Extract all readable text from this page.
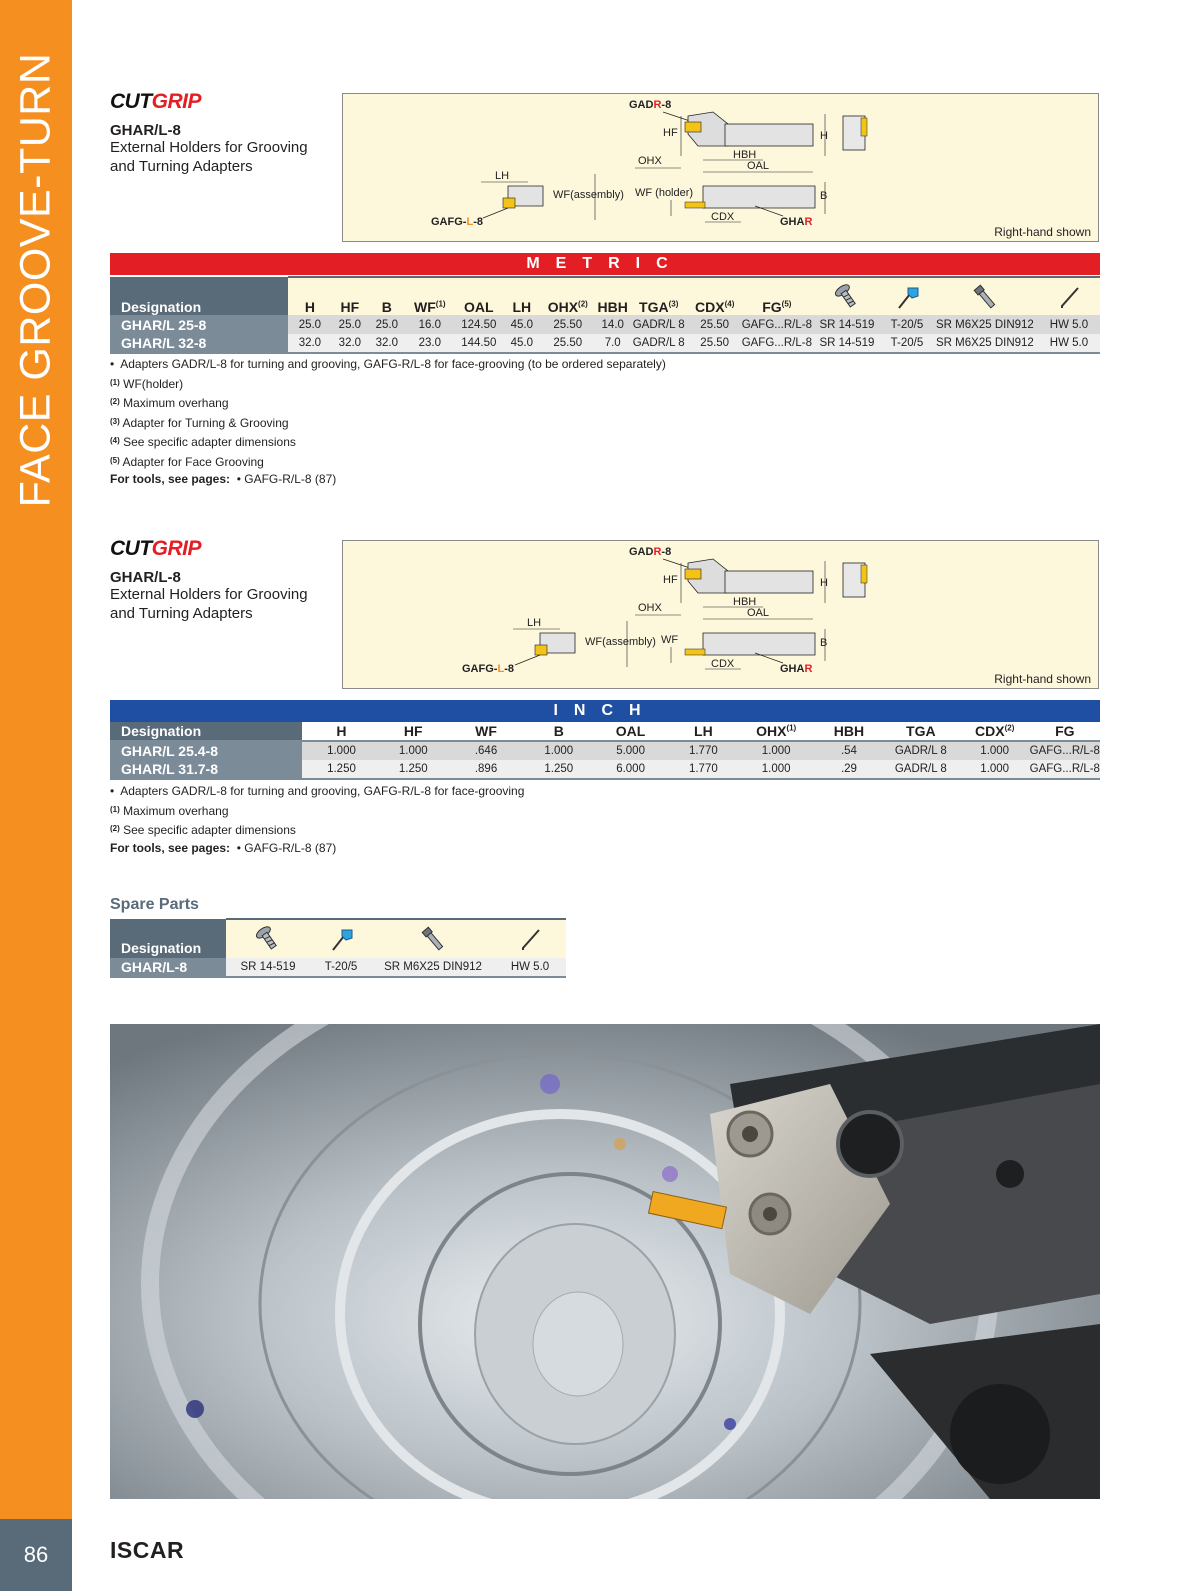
FACE GROOVE-TURN
86	ISCAR
CUTGRIP
GHAR/L-8
External Holders for Grooving and Turning Adapters
GADR-8
HF	H
OHX	HBH
OAL
LH
WF(assembly) WF (holder)	B
CDX
GAFG-L-8	GHAR
Right-hand shown
METRIC
Designation	H	HF	B	WF$^{(1)}$	OAL	LH	OHX$^{(2)}$	HBH	TGA$^{(3)}$	CDX$^{(4)}$	FG$^{(5)}$	

GHAR/L 25-8	25.0	25.0	25.0	16.0	124.50	45.0	25.50	14.0	GADR/L 8	25.50	GAFG...R/L-8	SR 14-519	T-20/5	SR M6X25 DIN912	HW 5.0
GHAR/L 32-8	32.0	32.0	32.0	23.0	144.50	45.0	25.50	7.0	GADR/L 8	25.50	GAFG...R/L-8	SR 14-519	T-20/5	SR M6X25 DIN912	HW 5.0
•  Adapters GADR/L-8 for turning and grooving, GAFG-R/L-8 for face-grooving (to be ordered separately)
$^{(1)}$ WF(holder)
$^{(2)}$ Maximum overhang
$^{(3)}$ Adapter for Turning & Grooving
$^{(4)}$ See specific adapter dimensions
$^{(5)}$ Adapter for Face Grooving
For tools, see pages:  • GAFG-R/L-8 (87)
CUTGRIP
GHAR/L-8
External Holders for Grooving and Turning Adapters
GADR-8
HF	H
OHX	HBH
OAL
LH
WF(assembly) WF	B
CDX
GAFG-L-8	GHAR
Right-hand shown
INCH
Designation	H	HF	WF	B	OAL	LH	OHX$^{(1)}$	HBH	TGA	CDX$^{(2)}$	FG
GHAR/L 25.4-8	1.000	1.000	.646	1.000	5.000	1.770	1.000	.54	GADR/L 8	1.000	GAFG...R/L-8
GHAR/L 31.7-8	1.250	1.250	.896	1.250	6.000	1.770	1.000	.29	GADR/L 8	1.000	GAFG...R/L-8
•  Adapters GADR/L-8 for turning and grooving, GAFG-R/L-8 for face-grooving
$^{(1)}$ Maximum overhang
$^{(2)}$ See specific adapter dimensions
For tools, see pages:  • GAFG-R/L-8 (87)
Spare Parts
Designation	

GHAR/L-8	SR 14-519	T-20/5	SR M6X25 DIN912	HW 5.0
